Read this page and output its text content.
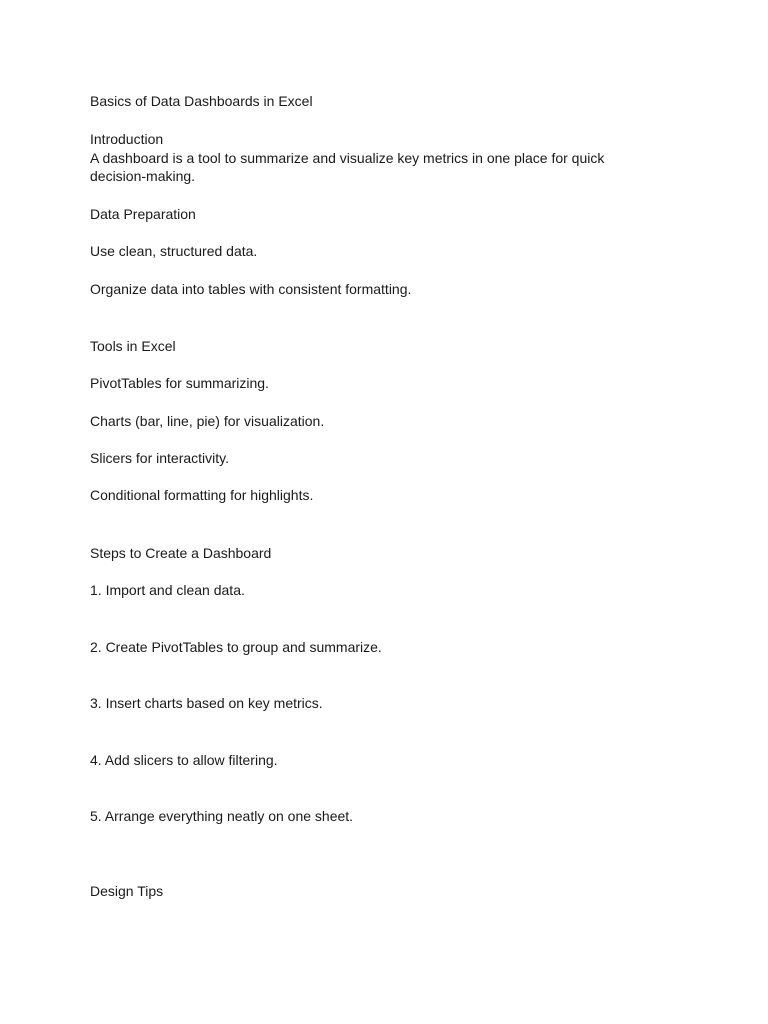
Basics of Data Dashboards in Excel

Introduction

A dashboard is a tool to summarize and visualize key metrics in one place for quick decision-making.

Data Preparation

Use clean, structured data.

Organize data into tables with consistent formatting.

Tools in Excel

PivotTables for summarizing.

Charts (bar, line, pie) for visualization.

Slicers for interactivity.

Conditional formatting for highlights.

Steps to Create a Dashboard

1. Import and clean data.

2. Create PivotTables to group and summarize.

3. Insert charts based on key metrics.

4. Add slicers to allow filtering.

5. Arrange everything neatly on one sheet.

Design Tips
